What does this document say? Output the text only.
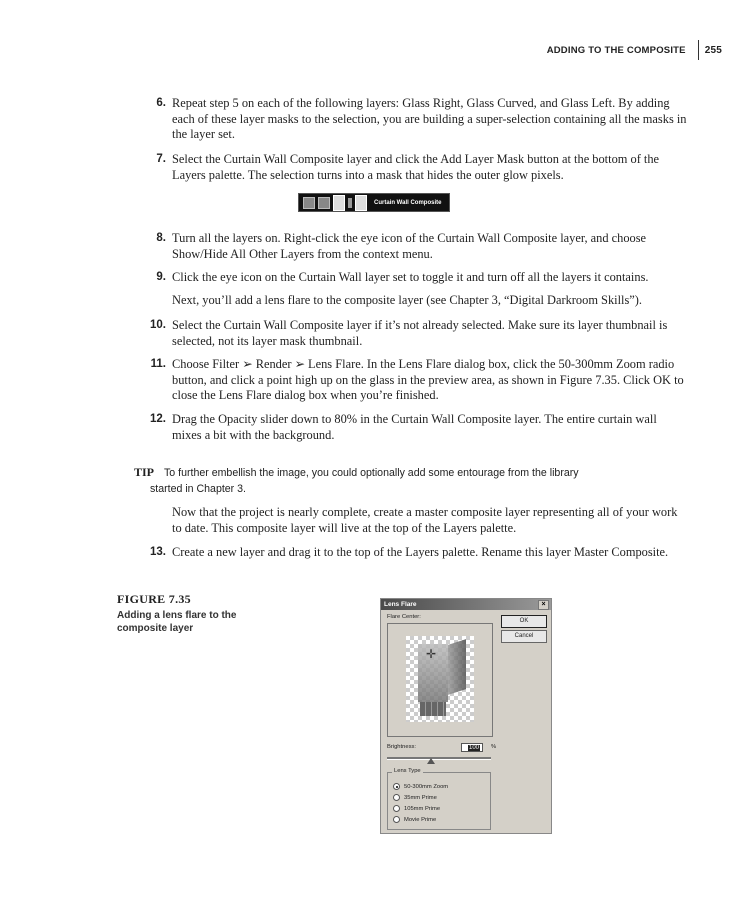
ADDING TO THE COMPOSITE	255
6. Repeat step 5 on each of the following layers: Glass Right, Glass Curved, and Glass Left. By adding each of these layer masks to the selection, you are building a super-selection containing all the masks in the layer set.
7. Select the Curtain Wall Composite layer and click the Add Layer Mask button at the bottom of the Layers palette. The selection turns into a mask that hides the outer glow pixels.
Curtain Wall Composite
8. Turn all the layers on. Right-click the eye icon of the Curtain Wall Composite layer, and choose Show/Hide All Other Layers from the context menu.
9. Click the eye icon on the Curtain Wall layer set to toggle it and turn off all the layers it contains.
Next, you’ll add a lens flare to the composite layer (see Chapter 3, “Digital Darkroom Skills”).
10. Select the Curtain Wall Composite layer if it’s not already selected. Make sure its layer thumbnail is selected, not its layer mask thumbnail.
11. Choose Filter ➢ Render ➢ Lens Flare. In the Lens Flare dialog box, click the 50-300mm Zoom radio button, and click a point high up on the glass in the preview area, as shown in Figure 7.35. Click OK to close the Lens Flare dialog box when you’re finished.
12. Drag the Opacity slider down to 80% in the Curtain Wall Composite layer. The entire curtain wall mixes a bit with the background.
TIP To further embellish the image, you could optionally add some entourage from the library
started in Chapter 3.
Now that the project is nearly complete, create a master composite layer representing all of your work to date. This composite layer will live at the top of the Layers palette.
13. Create a new layer and drag it to the top of the Layers palette. Rename this layer Master Composite.
FIGURE 7.35
Adding a lens flare to the
composite layer
Lens Flare	×
Flare Center:
✛
OK
Cancel
Brightness:	100	%
Lens Type
50-300mm Zoom
35mm Prime
105mm Prime
Movie Prime
